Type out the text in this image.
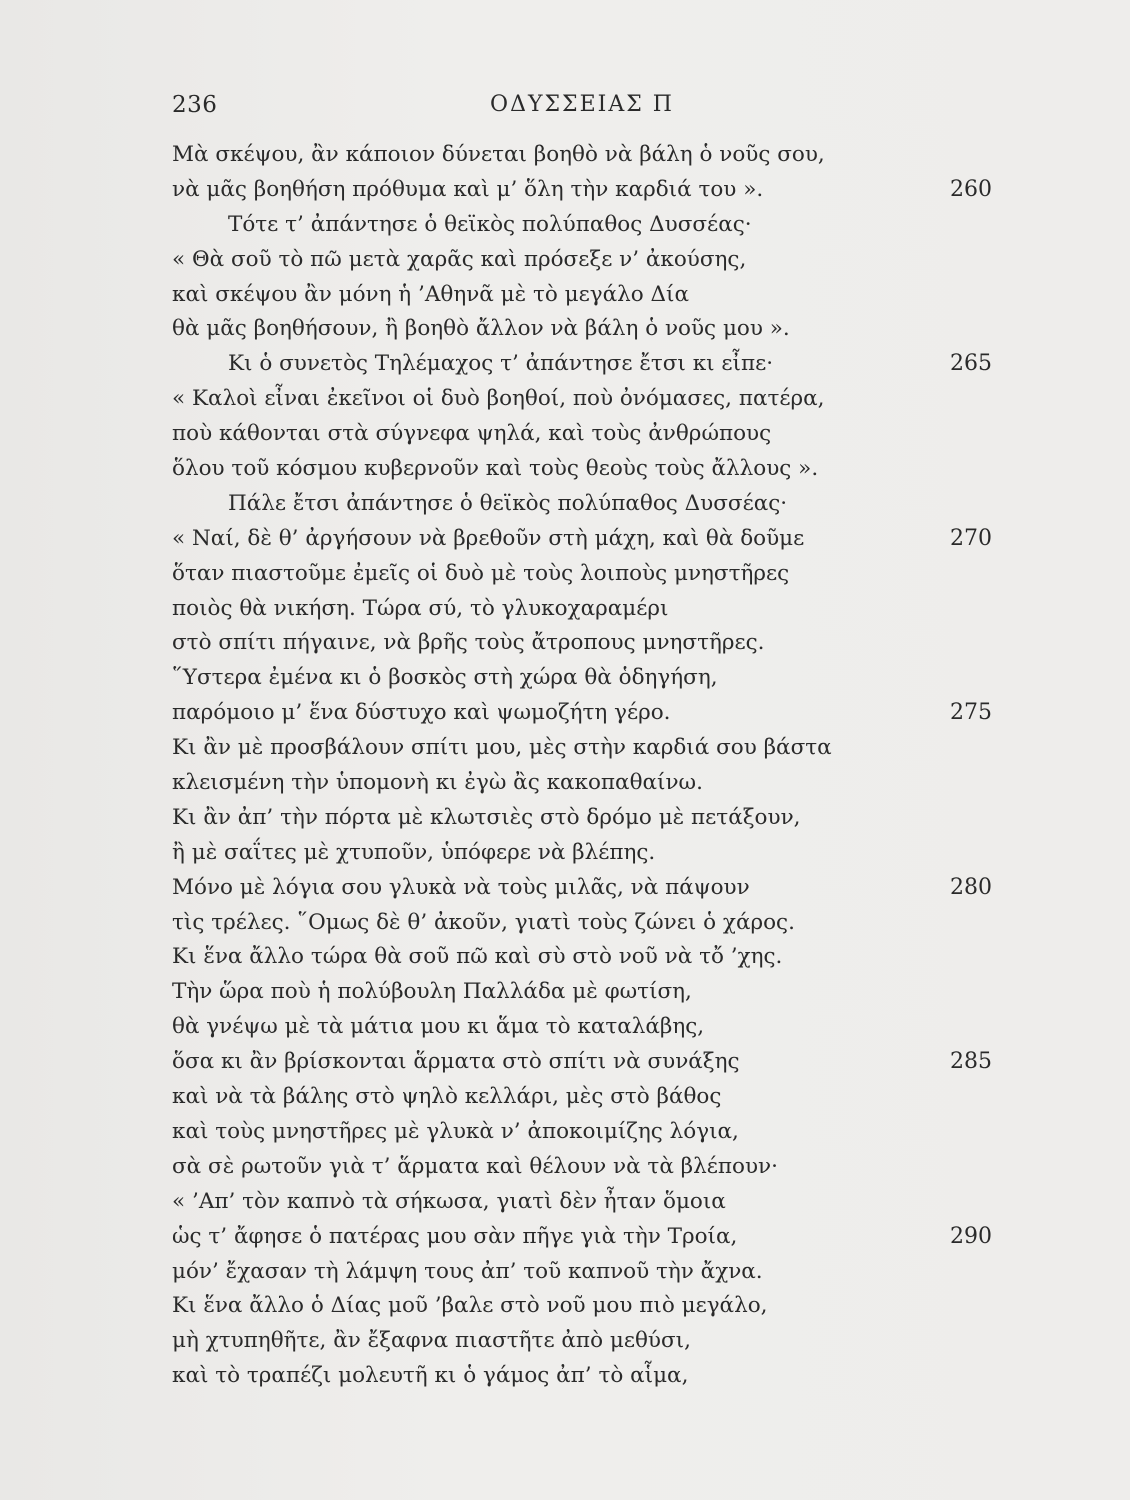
236	ΟΔΥΣΣΕΙΑΣ Π
Μὰ σκέψου, ἂν κάποιον δύνεται βοηθὸ νὰ βάλη ὁ νοῦς σου,
νὰ μᾶς βοηθήση πρόθυμα καὶ μ’ ὅλη τὴν καρδιά του ».	260
Τότε τ’ ἀπάντησε ὁ θεϊκὸς πολύπαθος Δυσσέας·
« Θὰ σοῦ τὸ πῶ μετὰ χαρᾶς καὶ πρόσεξε ν’ ἀκούσης,
καὶ σκέψου ἂν μόνη ἡ ’Αθηνᾶ μὲ τὸ μεγάλο Δία
θὰ μᾶς βοηθήσουν, ἢ βοηθὸ ἄλλον νὰ βάλη ὁ νοῦς μου ».
Κι ὁ συνετὸς Τηλέμαχος τ’ ἀπάντησε ἔτσι κι εἶπε·	265
« Καλοὶ εἶναι ἐκεῖνοι οἱ δυὸ βοηθοί, ποὺ ὀνόμασες, πατέρα,
ποὺ κάθονται στὰ σύγνεφα ψηλά, καὶ τοὺς ἀνθρώπους
ὅλου τοῦ κόσμου κυβερνοῦν καὶ τοὺς θεοὺς τοὺς ἄλλους ».
Πάλε ἔτσι ἀπάντησε ὁ θεϊκὸς πολύπαθος Δυσσέας·
« Ναί, δὲ θ’ ἀργήσουν νὰ βρεθοῦν στὴ μάχη, καὶ θὰ δοῦμε	270
ὅταν πιαστοῦμε ἐμεῖς οἱ δυὸ μὲ τοὺς λοιποὺς μνηστῆρες
ποιὸς θὰ νικήση. Τώρα σύ, τὸ γλυκοχαραμέρι
στὸ σπίτι πήγαινε, νὰ βρῆς τοὺς ἄτροπους μνηστῆρες.
῞Υστερα ἐμένα κι ὁ βοσκὸς στὴ χώρα θὰ ὁδηγήση,
παρόμοιο μ’ ἕνα δύστυχο καὶ ψωμοζήτη γέρο.	275
Κι ἂν μὲ προσβάλουν σπίτι μου, μὲς στὴν καρδιά σου βάστα
κλεισμένη τὴν ὑπομονὴ κι ἐγὼ ἂς κακοπαθαίνω.
Κι ἂν ἀπ’ τὴν πόρτα μὲ κλωτσιὲς στὸ δρόμο μὲ πετάξουν,
ἢ μὲ σαΐτες μὲ χτυποῦν, ὑπόφερε νὰ βλέπης.
Μόνο μὲ λόγια σου γλυκὰ νὰ τοὺς μιλᾶς, νὰ πάψουν	280
τὶς τρέλες. ῞Ομως δὲ θ’ ἀκοῦν, γιατὶ τοὺς ζώνει ὁ χάρος.
Κι ἕνα ἄλλο τώρα θὰ σοῦ πῶ καὶ σὺ στὸ νοῦ νὰ τὄ ’χης.
Τὴν ὥρα ποὺ ἡ πολύβουλη Παλλάδα μὲ φωτίση,
θὰ γνέψω μὲ τὰ μάτια μου κι ἅμα τὸ καταλάβης,
ὅσα κι ἂν βρίσκονται ἅρματα στὸ σπίτι νὰ συνάξης	285
καὶ νὰ τὰ βάλης στὸ ψηλὸ κελλάρι, μὲς στὸ βάθος
καὶ τοὺς μνηστῆρες μὲ γλυκὰ ν’ ἀποκοιμίζης λόγια,
σὰ σὲ ρωτοῦν γιὰ τ’ ἅρματα καὶ θέλουν νὰ τὰ βλέπουν·
« ’Απ’ τὸν καπνὸ τὰ σήκωσα, γιατὶ δὲν ἦταν ὅμοια
ὡς τ’ ἄφησε ὁ πατέρας μου σὰν πῆγε γιὰ τὴν Τροία,	290
μόν’ ἔχασαν τὴ λάμψη τους ἀπ’ τοῦ καπνοῦ τὴν ἄχνα.
Κι ἕνα ἄλλο ὁ Δίας μοῦ ’βαλε στὸ νοῦ μου πιὸ μεγάλο,
μὴ χτυπηθῆτε, ἂν ἔξαφνα πιαστῆτε ἀπὸ μεθύσι,
καὶ τὸ τραπέζι μολευτῆ κι ὁ γάμος ἀπ’ τὸ αἷμα,
